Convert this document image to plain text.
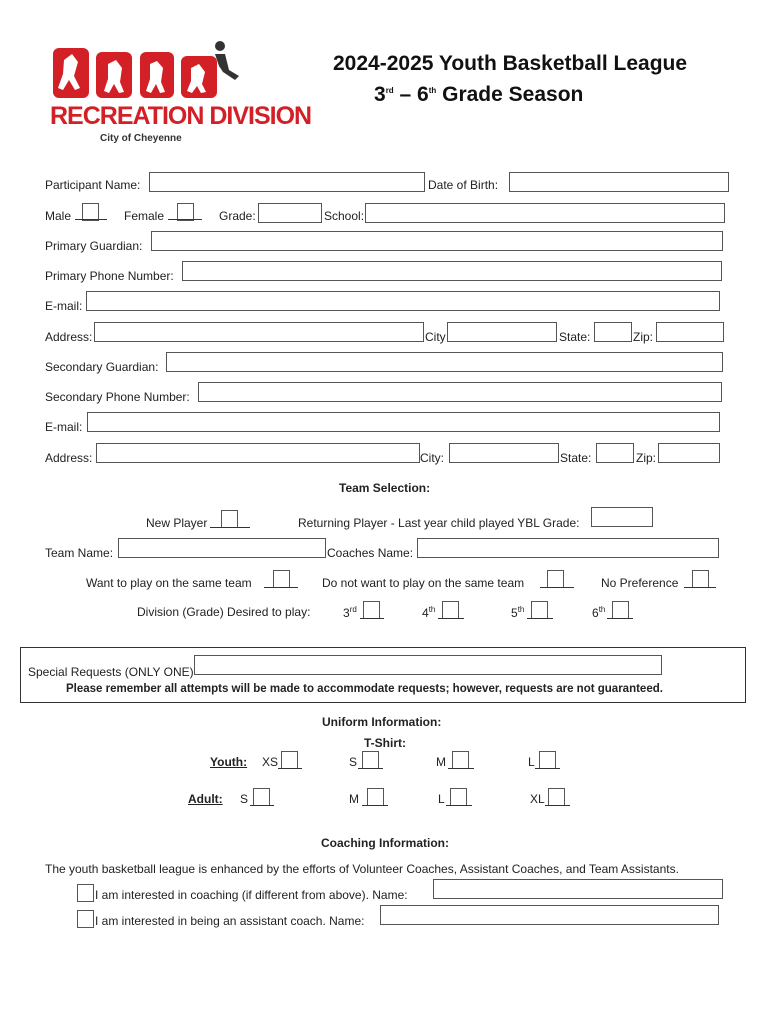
RECREATION DIVISION
City of Cheyenne
2024-2025 Youth Basketball League
3rd – 6th Grade Season
Participant Name:	Date of Birth:
Male	Female	Grade:	School:
Primary Guardian:
Primary Phone Number:
E-mail:
Address:	City	State:	Zip:
Secondary Guardian:
Secondary Phone Number:
E-mail:
Address:	City:	State:	Zip:
Team Selection:
New Player	Returning Player - Last year child played YBL Grade:
Team Name:	Coaches Name:
Want to play on the same team	Do not want to play on the same team	No Preference
Division (Grade) Desired to play:	3rd	4th	5th	6th
Special Requests (ONLY ONE)
Please remember all attempts will be made to accommodate requests; however, requests are not guaranteed.
Uniform Information:
T-Shirt:
Youth: XS	S	M	L
Adult: S	M	L	XL
Coaching Information:
The youth basketball league is enhanced by the efforts of Volunteer Coaches, Assistant Coaches, and Team Assistants.
I am interested in coaching (if different from above). Name:
I am interested in being an assistant coach. Name:
